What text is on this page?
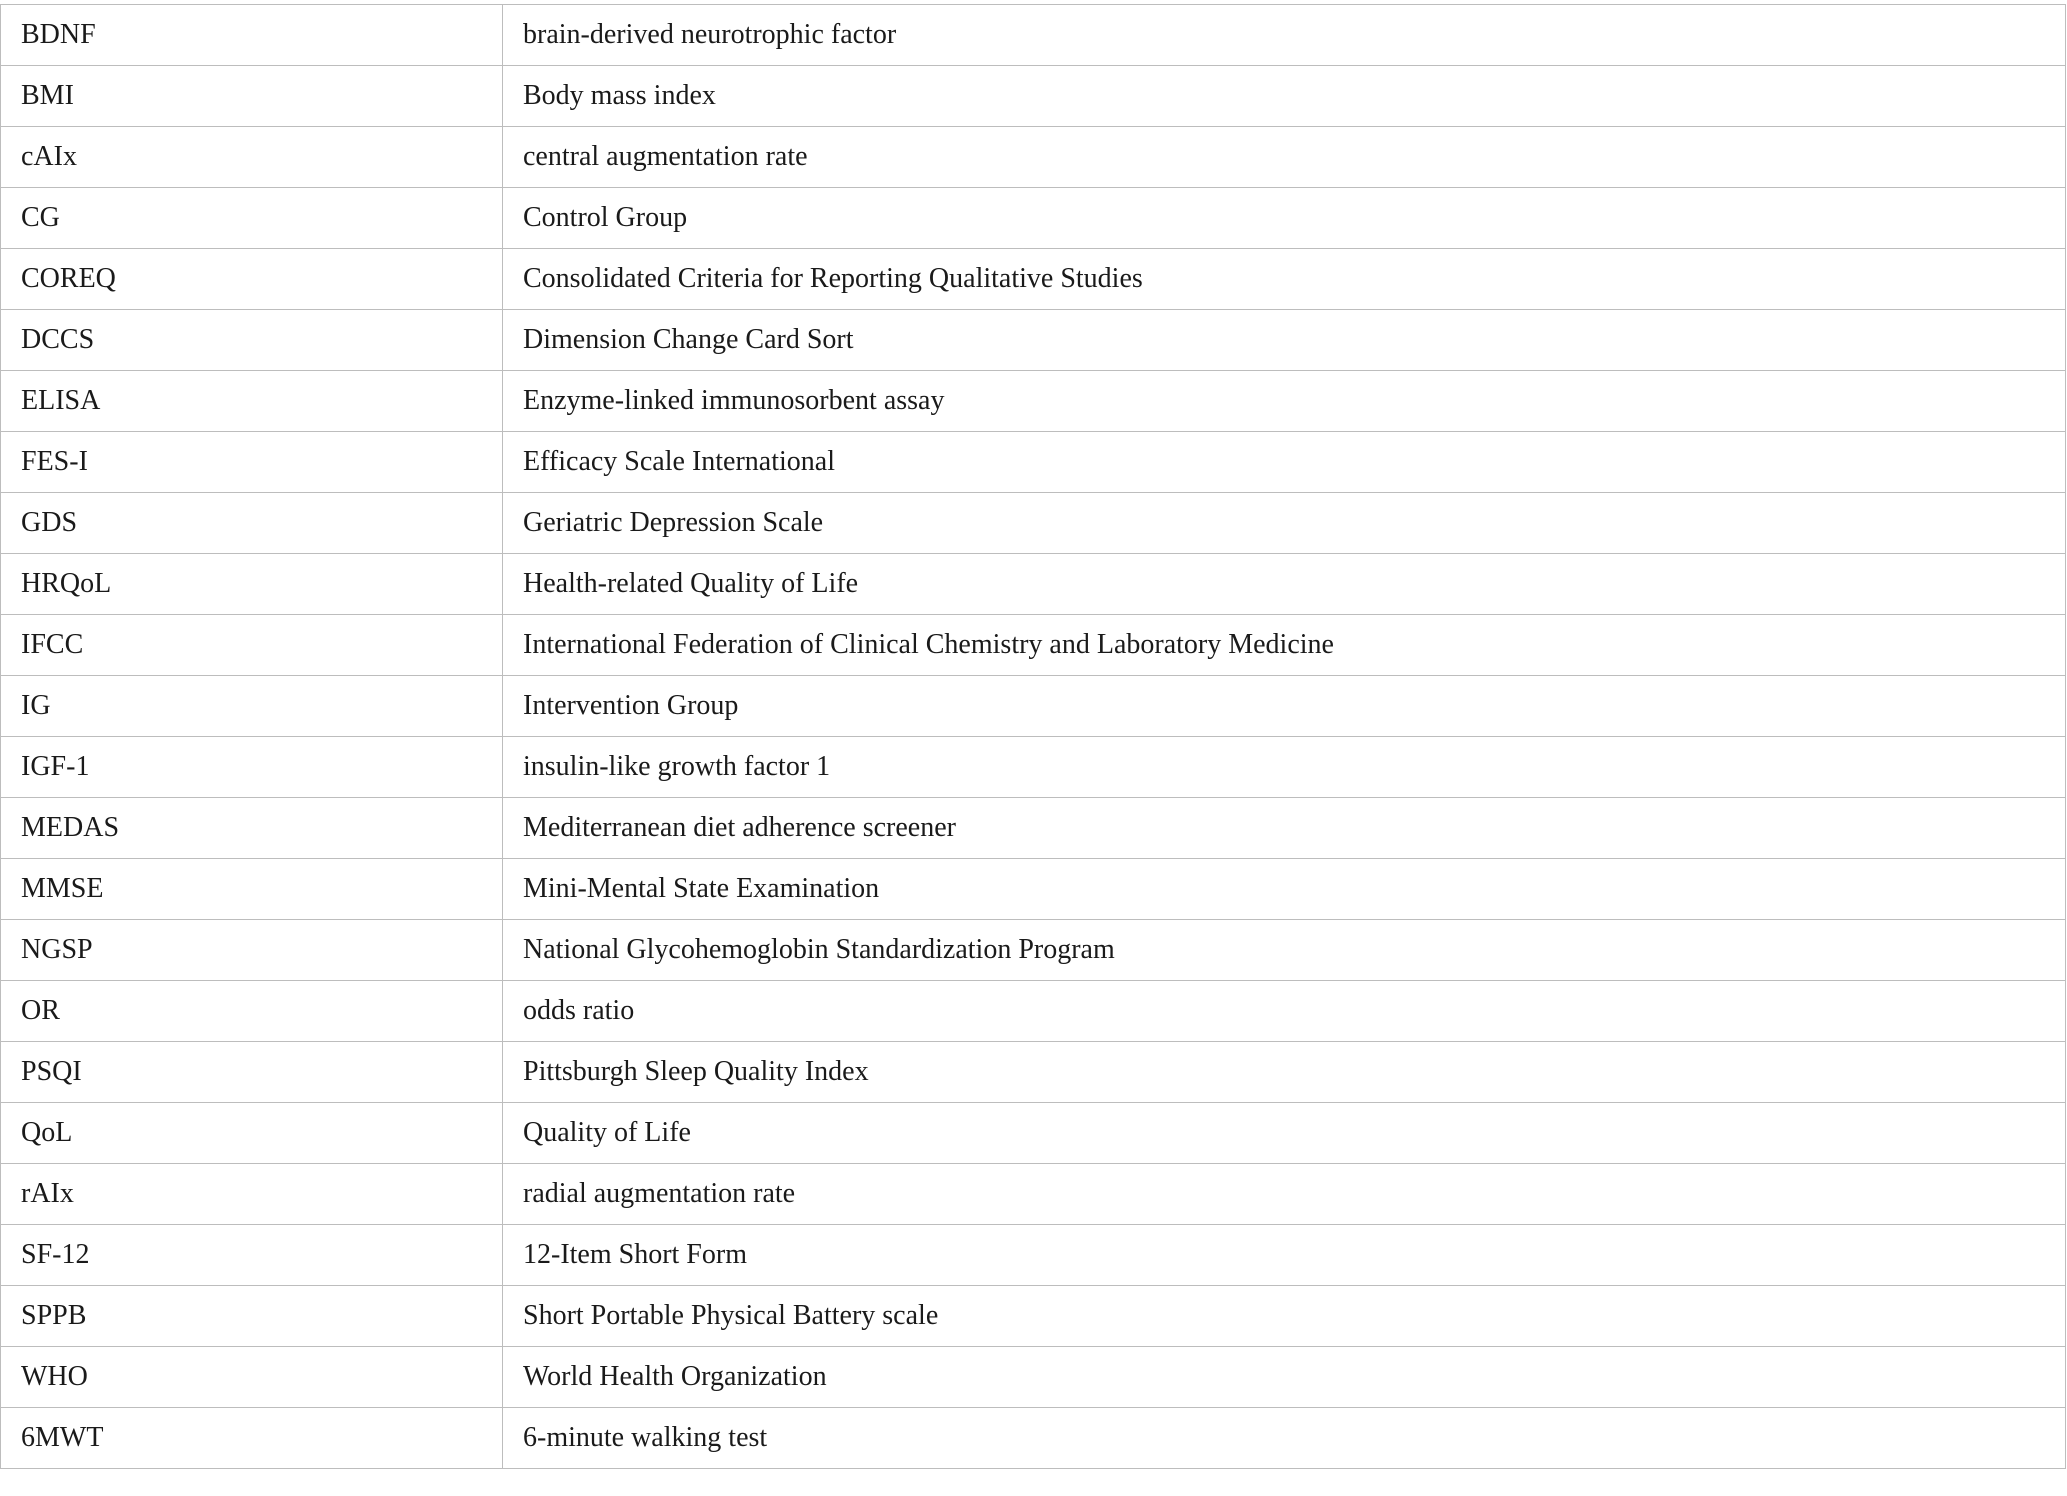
BDNF	brain-derived neurotrophic factor
BMI	Body mass index
cAIx	central augmentation rate
CG	Control Group
COREQ	Consolidated Criteria for Reporting Qualitative Studies
DCCS	Dimension Change Card Sort
ELISA	Enzyme-linked immunosorbent assay
FES-I	Efficacy Scale International
GDS	Geriatric Depression Scale
HRQoL	Health-related Quality of Life
IFCC	International Federation of Clinical Chemistry and Laboratory Medicine
IG	Intervention Group
IGF-1	insulin-like growth factor 1
MEDAS	Mediterranean diet adherence screener
MMSE	Mini-Mental State Examination
NGSP	National Glycohemoglobin Standardization Program
OR	odds ratio
PSQI	Pittsburgh Sleep Quality Index
QoL	Quality of Life
rAIx	radial augmentation rate
SF-12	12-Item Short Form
SPPB	Short Portable Physical Battery scale
WHO	World Health Organization
6MWT	6-minute walking test
